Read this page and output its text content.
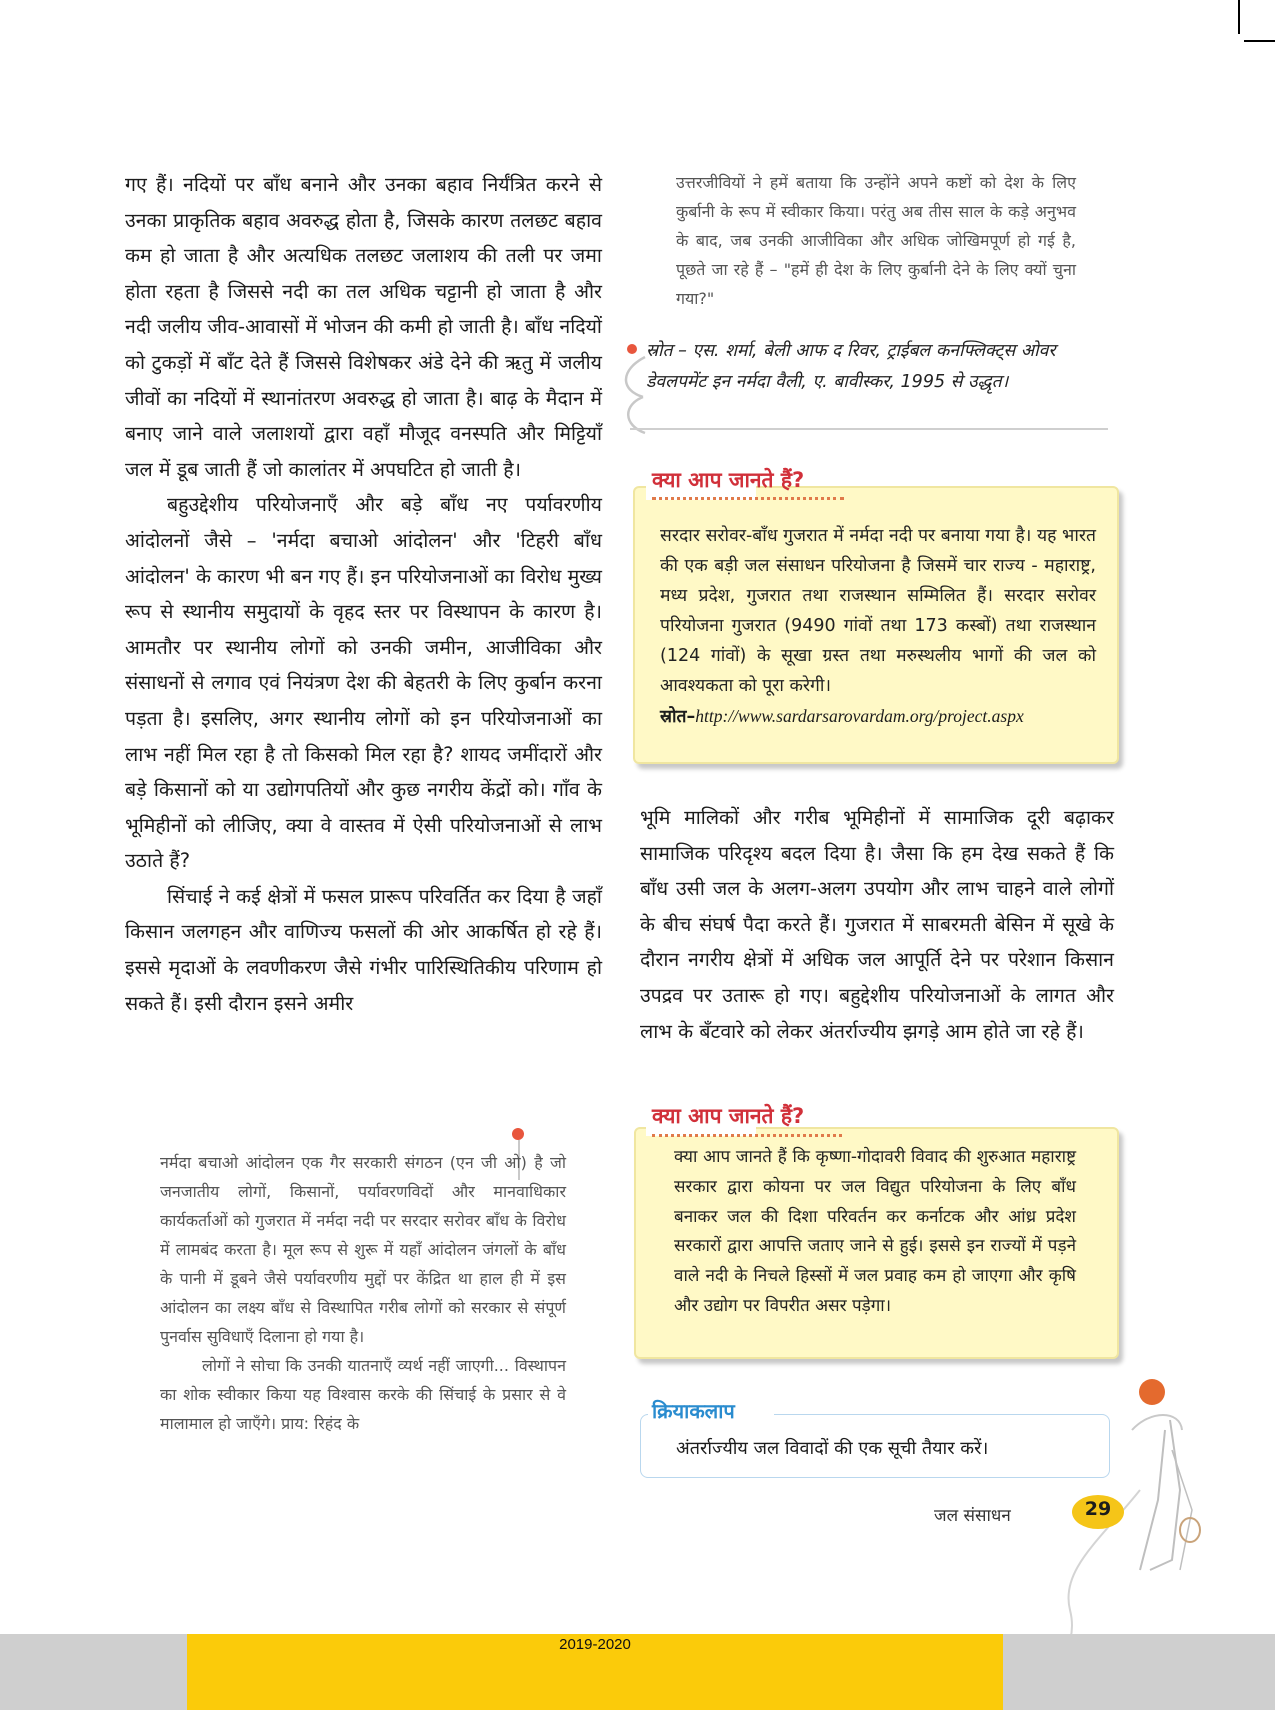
गए हैं। नदियों पर बाँध बनाने और उनका बहाव निर्यंत्रित करने से उनका प्राकृतिक बहाव अवरुद्ध होता है, जिसके कारण तलछट बहाव कम हो जाता है और अत्यधिक तलछट जलाशय की तली पर जमा होता रहता है जिससे नदी का तल अधिक चट्टानी हो जाता है और नदी जलीय जीव-आवासों में भोजन की कमी हो जाती है। बाँध नदियों को टुकड़ों में बाँट देते हैं जिससे विशेषकर अंडे देने की ऋतु में जलीय जीवों का नदियों में स्थानांतरण अवरुद्ध हो जाता है। बाढ़ के मैदान में बनाए जाने वाले जलाशयों द्वारा वहाँ मौजूद वनस्पति और मिट्टियाँ जल में डूब जाती हैं जो कालांतर में अपघटित हो जाती है।

बहुउद्देशीय परियोजनाएँ और बड़े बाँध नए पर्यावरणीय आंदोलनों जैसे – 'नर्मदा बचाओ आंदोलन' और 'टिहरी बाँध आंदोलन' के कारण भी बन गए हैं। इन परियोजनाओं का विरोध मुख्य रूप से स्थानीय समुदायों के वृहद स्तर पर विस्थापन के कारण है। आमतौर पर स्थानीय लोगों को उनकी जमीन, आजीविका और संसाधनों से लगाव एवं नियंत्रण देश की बेहतरी के लिए कुर्बान करना पड़ता है। इसलिए, अगर स्थानीय लोगों को इन परियोजनाओं का लाभ नहीं मिल रहा है तो किसको मिल रहा है? शायद जमींदारों और बड़े किसानों को या उद्योगपतियों और कुछ नगरीय केंद्रों को। गाँव के भूमिहीनों को लीजिए, क्या वे वास्तव में ऐसी परियोजनाओं से लाभ उठाते हैं?

सिंचाई ने कई क्षेत्रों में फसल प्रारूप परिवर्तित कर दिया है जहाँ किसान जलगहन और वाणिज्य फसलों की ओर आकर्षित हो रहे हैं। इससे मृदाओं के लवणीकरण जैसे गंभीर पारिस्थितिकीय परिणाम हो सकते हैं। इसी दौरान इसने अमीर

नर्मदा बचाओ आंदोलन एक गैर सरकारी संगठन (एन जी ओ) है जो जनजातीय लोगों, किसानों, पर्यावरणविदों और मानवाधिकार कार्यकर्ताओं को गुजरात में नर्मदा नदी पर सरदार सरोवर बाँध के विरोध में लामबंद करता है। मूल रूप से शुरू में यहाँ आंदोलन जंगलों के बाँध के पानी में डूबने जैसे पर्यावरणीय मुद्दों पर केंद्रित था हाल ही में इस आंदोलन का लक्ष्य बाँध से विस्थापित गरीब लोगों को सरकार से संपूर्ण पुनर्वास सुविधाएँ दिलाना हो गया है।

लोगों ने सोचा कि उनकी यातनाएँ व्यर्थ नहीं जाएगी... विस्थापन का शोक स्वीकार किया यह विश्वास करके की सिंचाई के प्रसार से वे मालामाल हो जाएँगे। प्राय: रिहंद के

उत्तरजीवियों ने हमें बताया कि उन्होंने अपने कष्टों को देश के लिए कुर्बानी के रूप में स्वीकार किया। परंतु अब तीस साल के कड़े अनुभव के बाद, जब उनकी आजीविका और अधिक जोखिमपूर्ण हो गई है, पूछते जा रहे हैं – "हमें ही देश के लिए कुर्बानी देने के लिए क्यों चुना गया?"
स्रोत – एस. शर्मा, बेली आफ द रिवर, ट्राईबल कनफ्लिक्ट्स ओवर डेवलपमेंट इन नर्मदा वैली, ए. बावीस्कर, 1995 से उद्धृत।
क्या आप जानते हैं?
सरदार सरोवर-बाँध गुजरात में नर्मदा नदी पर बनाया गया है। यह भारत की एक बड़ी जल संसाधन परियोजना है जिसमें चार राज्य - महाराष्ट्र, मध्य प्रदेश, गुजरात तथा राजस्थान सम्मिलित हैं। सरदार सरोवर परियोजना गुजरात (9490 गांवों तथा 173 कस्बों) तथा राजस्थान (124 गांवों) के सूखा ग्रस्त तथा मरुस्थलीय भागों की जल को आवश्यकता को पूरा करेगी।
स्रोत–http://www.sardarsarovardam.org/project.aspx
भूमि मालिकों और गरीब भूमिहीनों में सामाजिक दूरी बढ़ाकर सामाजिक परिदृश्य बदल दिया है। जैसा कि हम देख सकते हैं कि बाँध उसी जल के अलग-अलग उपयोग और लाभ चाहने वाले लोगों के बीच संघर्ष पैदा करते हैं। गुजरात में साबरमती बेसिन में सूखे के दौरान नगरीय क्षेत्रों में अधिक जल आपूर्ति देने पर परेशान किसान उपद्रव पर उतारू हो गए। बहुद्देशीय परियोजनाओं के लागत और लाभ के बँटवारे को लेकर अंतर्राज्यीय झगड़े आम होते जा रहे हैं।
क्या आप जानते हैं?
क्या आप जानते हैं कि कृष्णा-गोदावरी विवाद की शुरुआत महाराष्ट्र सरकार द्वारा कोयना पर जल विद्युत परियोजना के लिए बाँध बनाकर जल की दिशा परिवर्तन कर कर्नाटक और आंध्र प्रदेश सरकारों द्वारा आपत्ति जताए जाने से हुई। इससे इन राज्यों में पड़ने वाले नदी के निचले हिस्सों में जल प्रवाह कम हो जाएगा और कृषि और उद्योग पर विपरीत असर पड़ेगा।
क्रियाकलाप
अंतर्राज्यीय जल विवादों की एक सूची तैयार करें।
जल संसाधन	29
2019-2020
